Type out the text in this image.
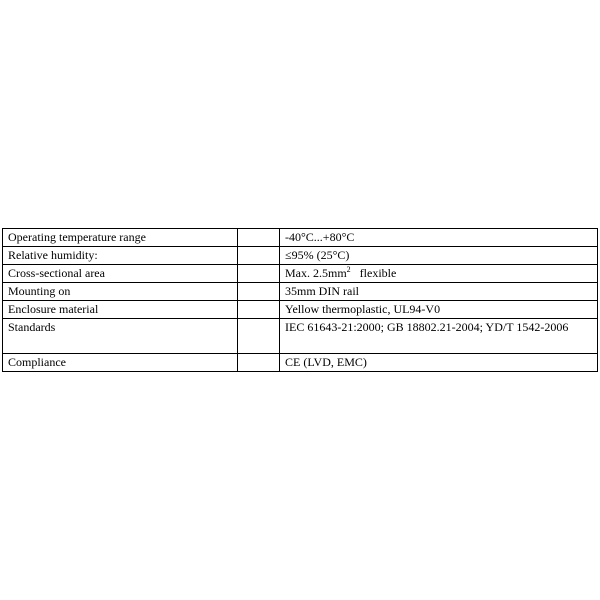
Operating temperature range		-40°C...+80°C
Relative humidity:		≤95% (25°C)
Cross-sectional area		Max. $2.5mm^2$   flexible
Mounting on		35mm DIN rail
Enclosure material		Yellow thermoplastic, UL94-V0
Standards		IEC 61643-21:2000; GB 18802.21-2004; YD/T 1542-2006
Compliance		CE (LVD, EMC)
